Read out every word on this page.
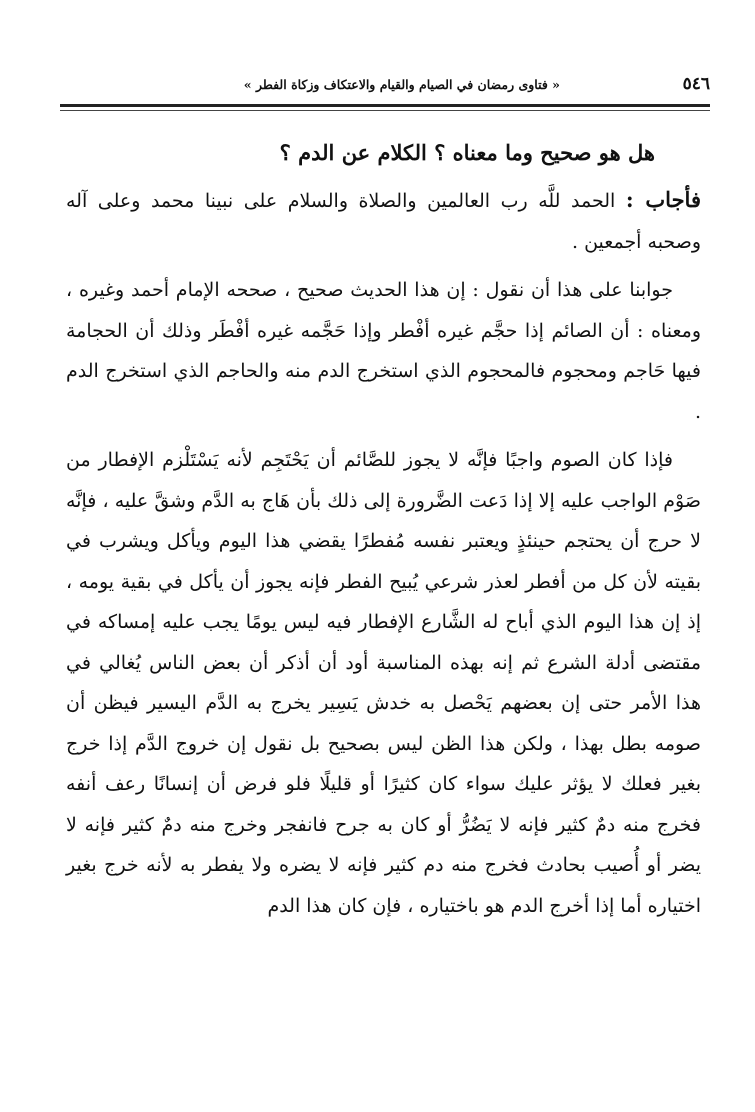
٥٤٦
« فتاوى رمضان في الصيام والقيام والاعتكاف وزكاة الفطر »

هل هو صحيح وما معناه ؟ الكلام عن الدم ؟

فأجاب : الحمد للَّه رب العالمين والصلاة والسلام على نبينا محمد وعلى آله وصحبه أجمعين .

جوابنا على هذا أن نقول : إن هذا الحديث صحيح ، صححه الإمام أحمد وغيره ، ومعناه : أن الصائم إذا حجَّم غيره أفْطر وإذا حَجَّمه غيره أفْطَر وذلك أن الحجامة فيها حَاجم ومحجوم فالمحجوم الذي استخرج الدم منه والحاجم الذي استخرج الدم .

فإذا كان الصوم واجبًا فإنَّه لا يجوز للصَّائم أن يَحْتَجِم لأنه يَسْتَلْزم الإفطار من صَوْم الواجب عليه إلا إذا دَعت الضَّرورة إلى ذلك بأن هَاج به الدَّم وشقَّ عليه ، فإنَّه لا حرج أن يحتجم حينئذٍ ويعتبر نفسه مُفطرًا يقضي هذا اليوم ويأكل ويشرب في بقيته لأن كل من أفطر لعذر شرعي يُبيح الفطر فإنه يجوز أن يأكل في بقية يومه ، إذ إن هذا اليوم الذي أباح له الشَّارع الإفطار فيه ليس يومًا يجب عليه إمساكه في مقتضى أدلة الشرع ثم إنه بهذه المناسبة أود أن أذكر أن بعض الناس يُغالي في هذا الأمر حتى إن بعضهم يَحْصل به خدش يَسِير يخرج به الدَّم اليسير فيظن أن صومه بطل بهذا ، ولكن هذا الظن ليس بصحيح بل نقول إن خروج الدَّم إذا خرج بغير فعلك لا يؤثر عليك سواء كان كثيرًا أو قليلًا فلو فرض أن إنسانًا رعف أنفه فخرج منه دمٌ كثير فإنه لا يَضُرُّ أو كان به جرح فانفجر وخرج منه دمٌ كثير فإنه لا يضر أو أُصيب بحادث فخرج منه دم كثير فإنه لا يضره ولا يفطر به لأنه خرج بغير اختياره أما إذا أخرج الدم هو باختياره ، فإن كان هذا الدم
